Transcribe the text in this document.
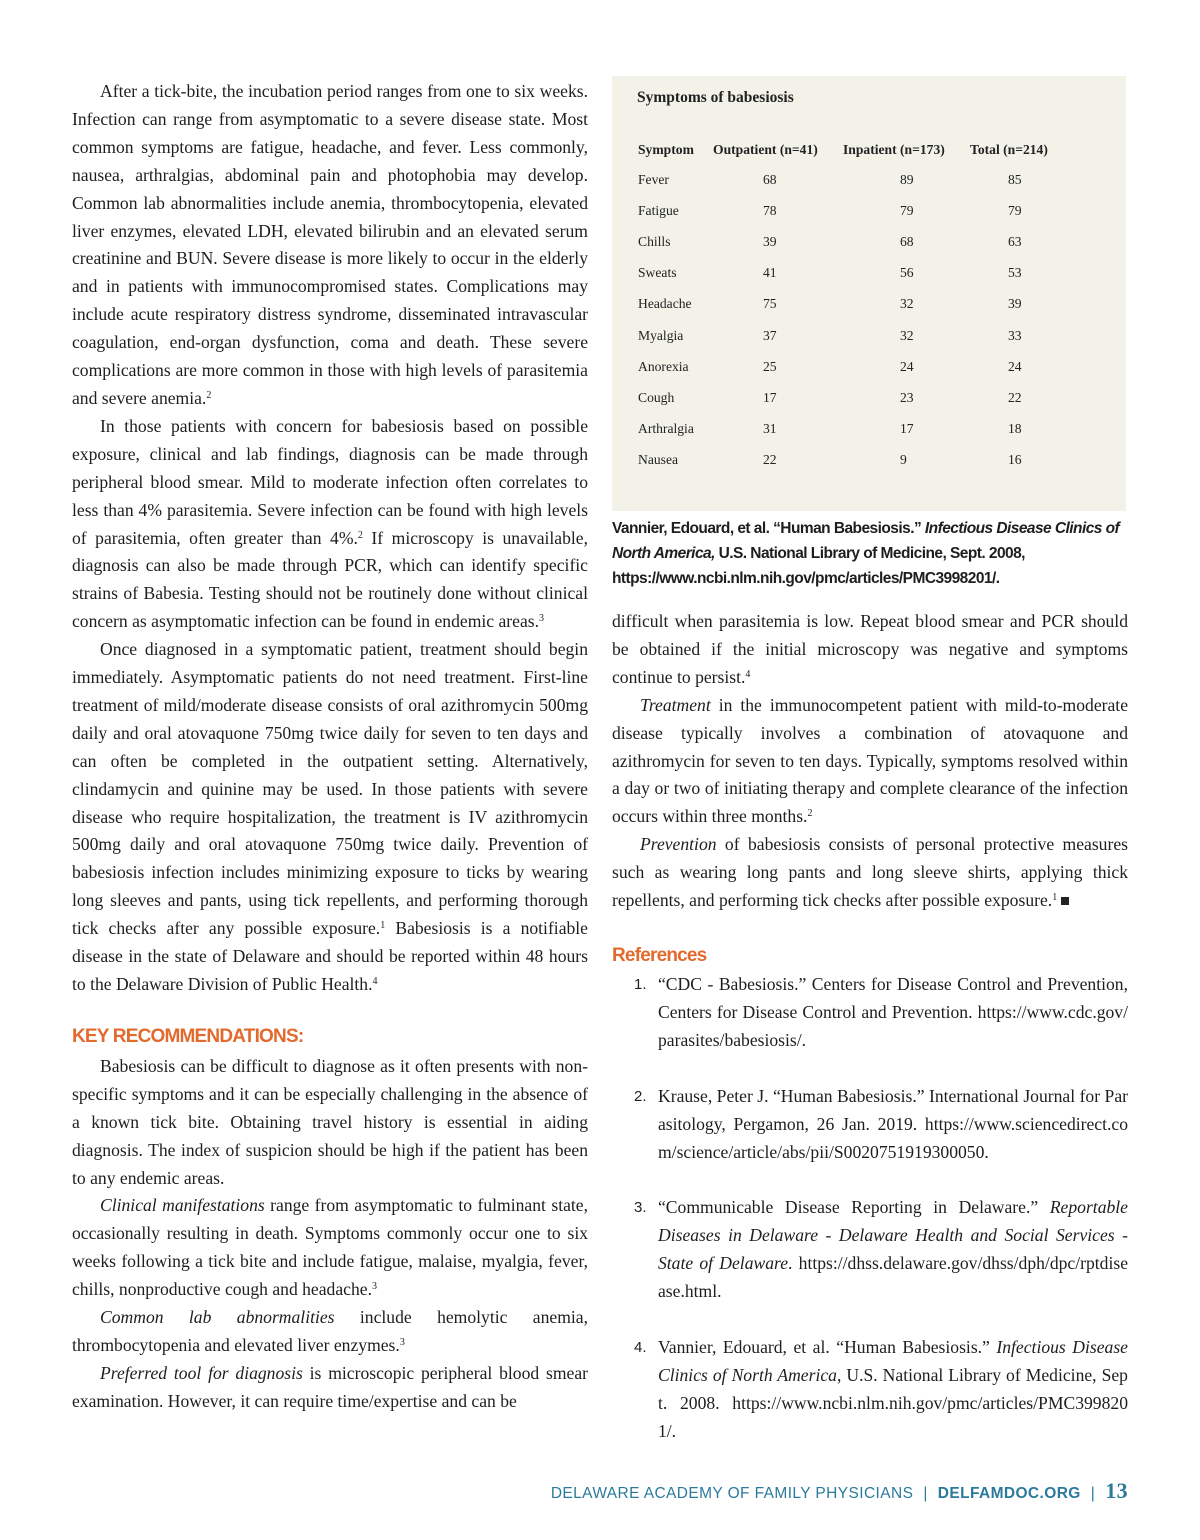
After a tick-bite, the incubation period ranges from one to six weeks. Infection can range from asymptomatic to a severe disease state. Most common symptoms are fatigue, headache, and fever. Less commonly, nausea, arthralgias, abdominal pain and photophobia may develop. Common lab abnormalities include anemia, thrombocytopenia, elevated liver enzymes, elevated LDH, elevated bilirubin and an elevated serum creatinine and BUN. Severe disease is more likely to occur in the elderly and in patients with immunocompromised states. Complications may include acute respiratory distress syndrome, disseminated intravascular coagulation, end-organ dysfunction, coma and death. These severe complications are more common in those with high levels of parasitemia and severe anemia.$^2$

In those patients with concern for babesiosis based on possible exposure, clinical and lab findings, diagnosis can be made through peripheral blood smear. Mild to moderate infection often correlates to less than 4% parasitemia. Severe infection can be found with high levels of parasitemia, often greater than 4%.$^2$ If microscopy is unavailable, diagnosis can also be made through PCR, which can identify specific strains of Babesia. Testing should not be routinely done without clinical concern as asymptomatic infection can be found in endemic areas.$^3$

Once diagnosed in a symptomatic patient, treatment should begin immediately. Asymptomatic patients do not need treatment. First-line treatment of mild/moderate disease consists of oral azithromycin 500mg daily and oral atovaquone 750mg twice daily for seven to ten days and can often be completed in the outpatient setting. Alternatively, clindamycin and quinine may be used. In those patients with severe disease who require hospitalization, the treatment is IV azithromycin 500mg daily and oral atovaquone 750mg twice daily. Prevention of babesiosis infection includes minimizing exposure to ticks by wearing long sleeves and pants, using tick repellents, and performing thorough tick checks after any possible exposure.$^1$ Babesiosis is a notifiable disease in the state of Delaware and should be reported within 48 hours to the Delaware Division of Public Health.$^4$

KEY RECOMMENDATIONS:

Babesiosis can be difficult to diagnose as it often presents with non-specific symptoms and it can be especially challenging in the absence of a known tick bite. Obtaining travel history is essential in aiding diagnosis. The index of suspicion should be high if the patient has been to any endemic areas.

Clinical manifestations range from asymptomatic to fulminant state, occasionally resulting in death. Symptoms commonly occur one to six weeks following a tick bite and include fatigue, malaise, myalgia, fever, chills, nonproductive cough and headache.$^3$

Common lab abnormalities include hemolytic anemia, thrombocytopenia and elevated liver enzymes.$^3$

Preferred tool for diagnosis is microscopic peripheral blood smear examination. However, it can require time/expertise and can be

Symptoms of babesiosis
Symptom	Outpatient (n=41)	Inpatient (n=173)	Total (n=214)
Fever	68	89	85
Fatigue	78	79	79
Chills	39	68	63
Sweats	41	56	53
Headache	75	32	39
Myalgia	37	32	33
Anorexia	25	24	24
Cough	17	23	22
Arthralgia	31	17	18
Nausea	22	9	16
Vannier, Edouard, et al. “Human Babesiosis.” Infectious Disease Clinics of North America, U.S. National Library of Medicine, Sept. 2008, https://www.ncbi.nlm.nih.gov/pmc/articles/PMC3998201/.

difficult when parasitemia is low. Repeat blood smear and PCR should be obtained if the initial microscopy was negative and symptoms continue to persist.$^4$

Treatment in the immunocompetent patient with mild-to-moderate disease typically involves a combination of atovaquone and azithromycin for seven to ten days. Typically, symptoms resolved within a day or two of initiating therapy and complete clearance of the infection occurs within three months.$^2$

Prevention of babesiosis consists of personal protective measures such as wearing long pants and long sleeve shirts, applying thick repellents, and performing tick checks after possible exposure.$^1$

References
1. “CDC - Babesiosis.” Centers for Disease Control and Prevention, Centers for Disease Control and Prevention. https://www.cdc.gov/parasites/babesiosis/.
2. Krause, Peter J. “Human Babesiosis.” International Journal for Parasitology, Pergamon, 26 Jan. 2019. https://www.sciencedirect.com/science/article/abs/pii/S0020751919300050.
3. “Communicable Disease Reporting in Delaware.” Reportable Diseases in Delaware - Delaware Health and Social Services - State of Delaware. https://dhss.delaware.gov/dhss/dph/dpc/rptdisease.html.
4. Vannier, Edouard, et al. “Human Babesiosis.” Infectious Disease Clinics of North America, U.S. National Library of Medicine, Sept. 2008. https://www.ncbi.nlm.nih.gov/pmc/articles/PMC3998201/.
DELAWARE ACADEMY OF FAMILY PHYSICIANS | DELFAMDOC.ORG | 13
